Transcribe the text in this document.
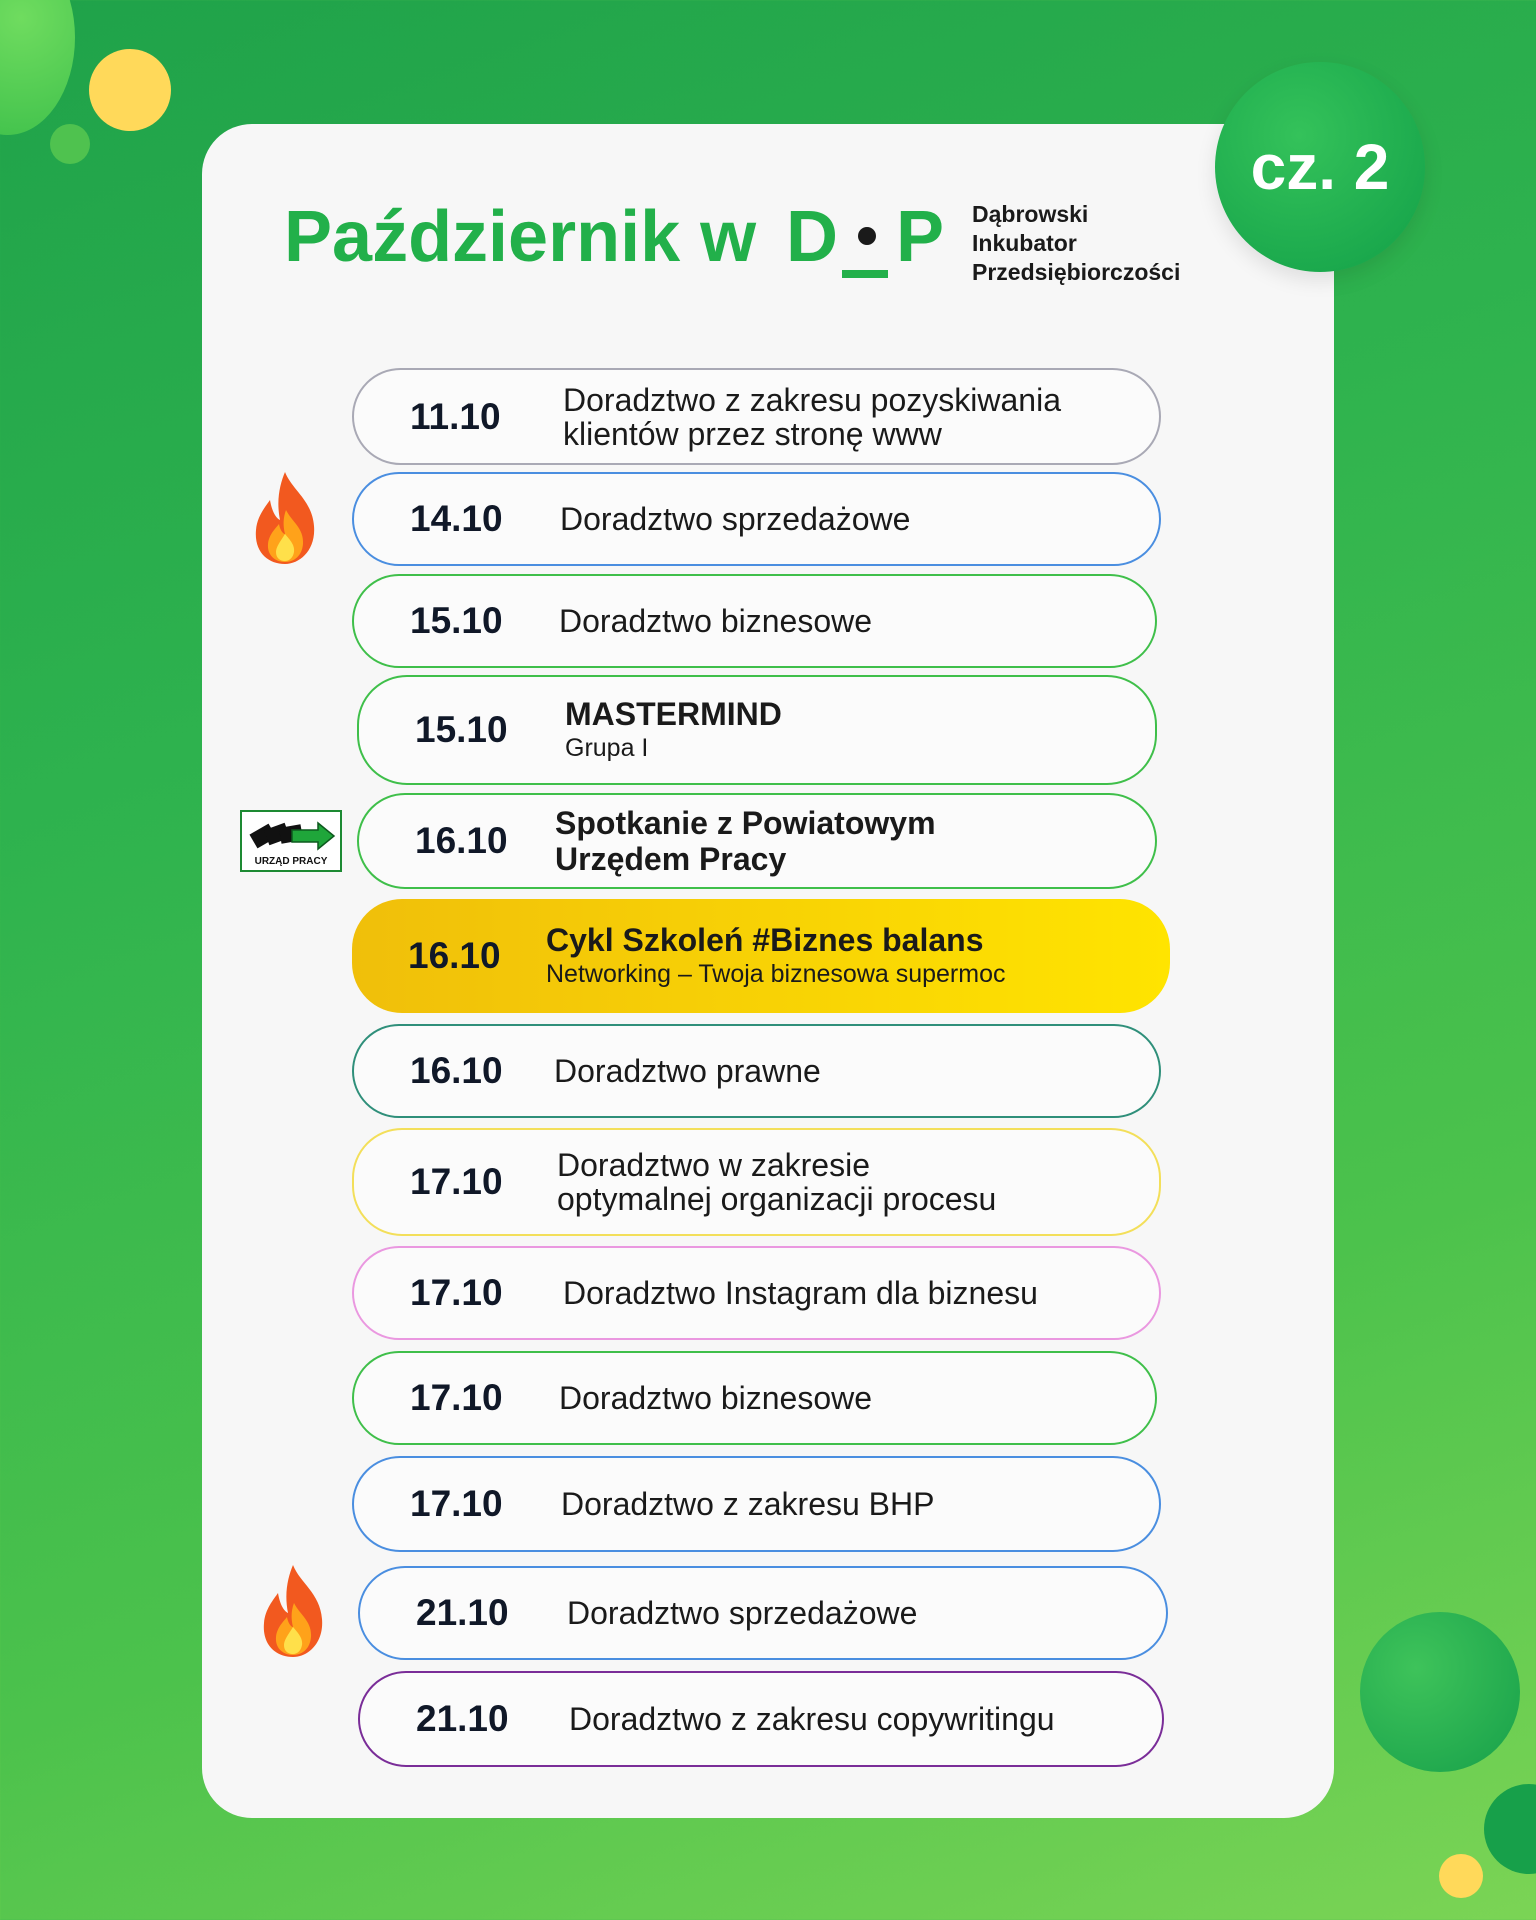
cz. 2
Październik w D P Dąbrowski
Inkubator
Przedsiębiorczości
11.10 Doradztwo z zakresu pozyskiwania
klientów przez stronę www
14.10 Doradztwo sprzedażowe
15.10 Doradztwo biznesowe
15.10 MASTERMIND
Grupa I
16.10 Spotkanie z Powiatowym
Urzędem Pracy
16.10 Cykl Szkoleń #Biznes balans
Networking – Twoja biznesowa supermoc
16.10 Doradztwo prawne
17.10 Doradztwo w zakresie
optymalnej organizacji procesu
17.10 Doradztwo Instagram dla biznesu
17.10 Doradztwo biznesowe
17.10 Doradztwo z zakresu BHP
21.10 Doradztwo sprzedażowe
21.10 Doradztwo z zakresu copywritingu
URZĄD PRACY
